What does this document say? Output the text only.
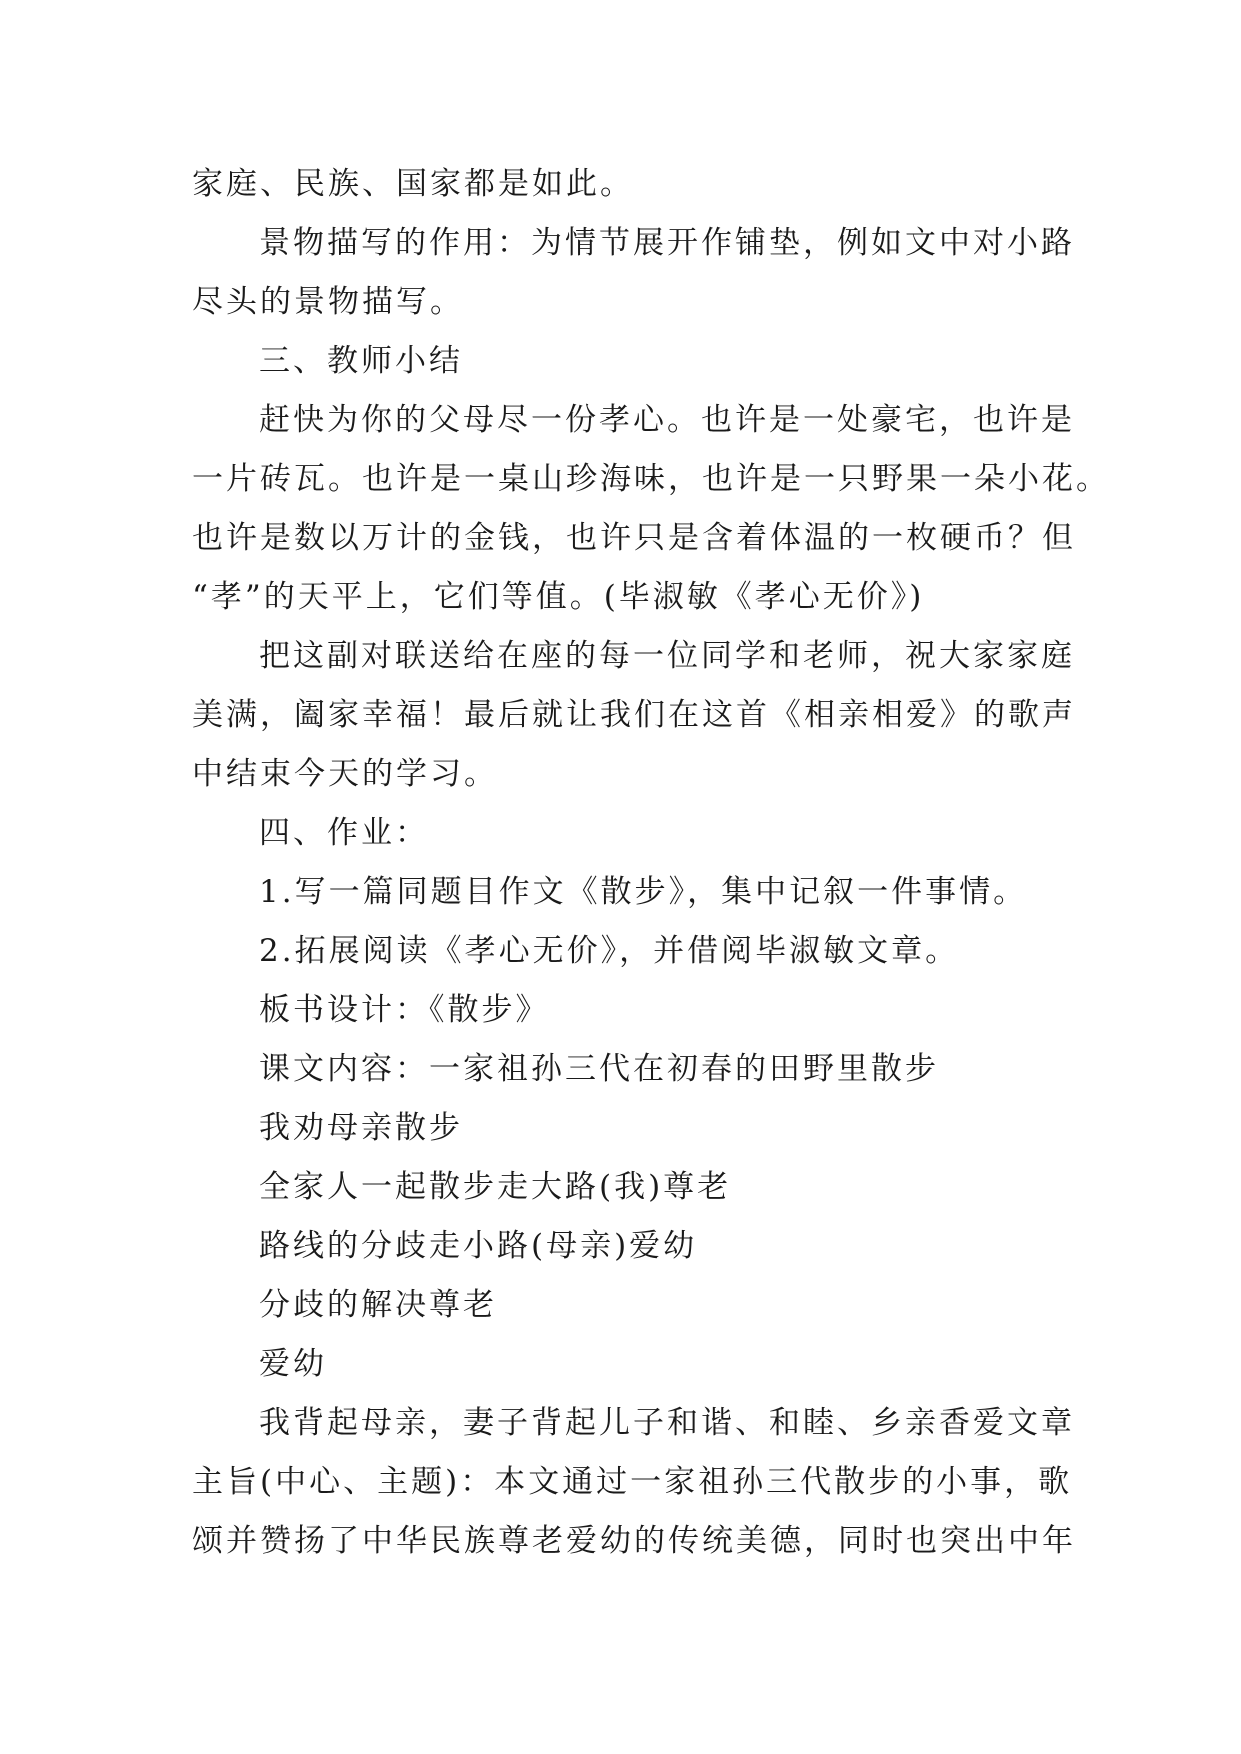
家庭、民族、国家都是如此。
景物描写的作用：为情节展开作铺垫，例如文中对小路
尽头的景物描写。
三、教师小结
赶快为你的父母尽一份孝心。也许是一处豪宅，也许是
一片砖瓦。也许是一桌山珍海味，也许是一只野果一朵小花。
也许是数以万计的金钱，也许只是含着体温的一枚硬币？但
“孝”的天平上，它们等值。(毕淑敏《孝心无价》)
把这副对联送给在座的每一位同学和老师，祝大家家庭
美满，阖家幸福！最后就让我们在这首《相亲相爱》的歌声
中结束今天的学习。
四、作业：
1.写一篇同题目作文《散步》，集中记叙一件事情。
2.拓展阅读《孝心无价》，并借阅毕淑敏文章。
板书设计：《散步》
课文内容：一家祖孙三代在初春的田野里散步
我劝母亲散步
全家人一起散步走大路(我)尊老
路线的分歧走小路(母亲)爱幼
分歧的解决尊老
爱幼
我背起母亲，妻子背起儿子和谐、和睦、乡亲香爱文章
主旨(中心、主题)：本文通过一家祖孙三代散步的小事，歌
颂并赞扬了中华民族尊老爱幼的传统美德，同时也突出中年
